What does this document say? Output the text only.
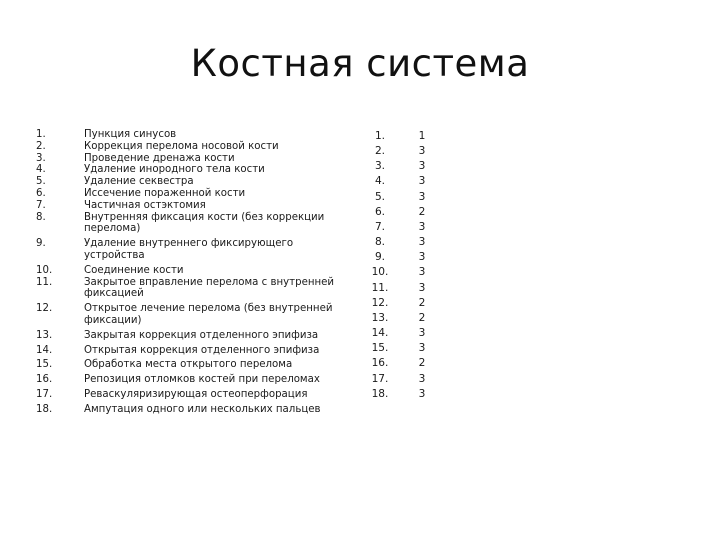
Костная система
1.	Пункция синусов
2.	Коррекция перелома носовой кости
3.	Проведение дренажа кости
4.	Удаление инородного тела кости
5.	Удаление секвестра
6.	Иссечение пораженной кости
7.	Частичная остэктомия
8.	Внутренняя фиксация кости (без коррекции перелома)
9.	Удаление внутреннего фиксирующего устройства
10.	Соединение кости
11.	Закрытое вправление перелома с внутренней фиксацией
12.	Открытое лечение перелома (без внутренней фиксации)
13.	Закрытая коррекция отделенного эпифиза
14.	Открытая коррекция отделенного эпифиза
15.	Обработка места открытого перелома
16.	Репозиция отломков костей при переломах
17.	Реваскуляризирующая остеоперфорация
18.	Ампутация одного или нескольких пальцев
1.	1
2.	3
3.	3
4.	3
5.	3
6.	2
7.	3
8.	3
9.	3
10.	3
11.	3
12.	2
13.	2
14.	3
15.	3
16.	2
17.	3
18.	3
